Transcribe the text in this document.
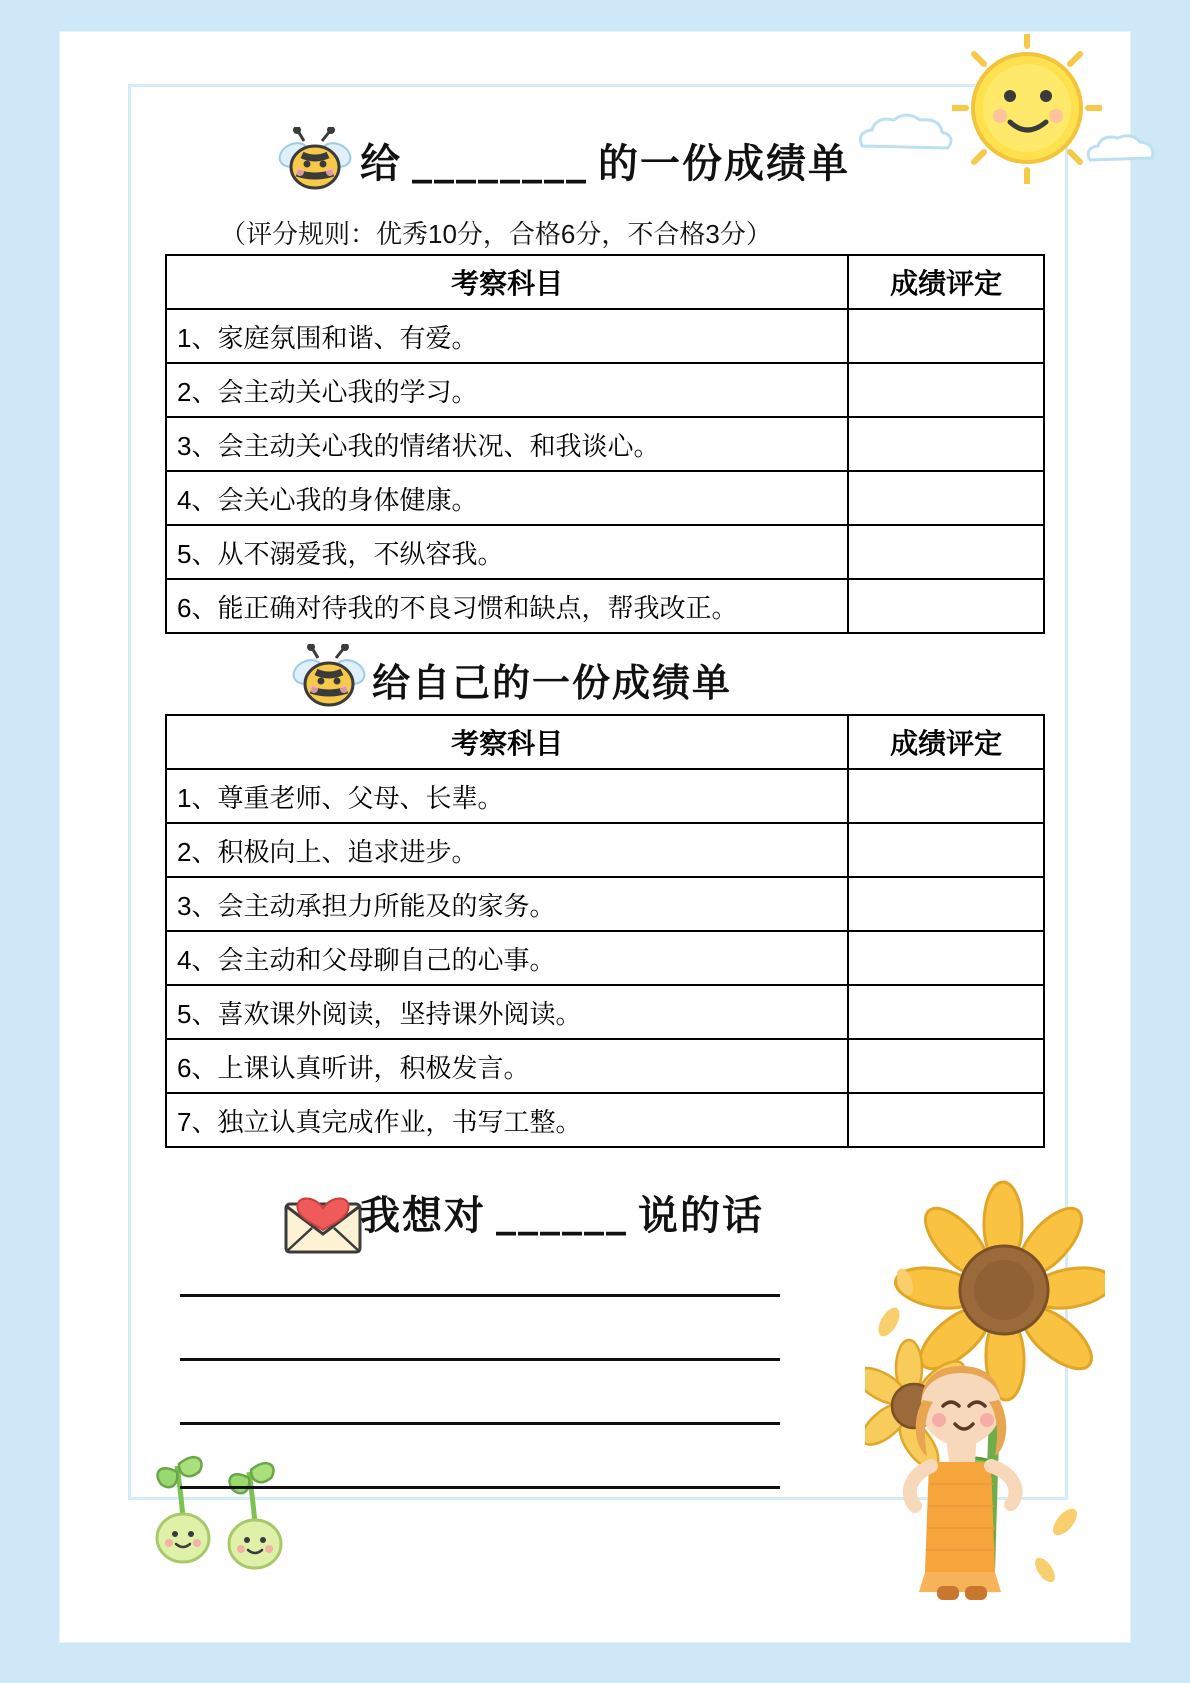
给 ________ 的一份成绩单
（评分规则：优秀10分，合格6分，不合格3分）
考察科目	成绩评定
1、家庭氛围和谐、有爱。	
2、会主动关心我的学习。	
3、会主动关心我的情绪状况、和我谈心。	
4、会关心我的身体健康。	
5、从不溺爱我，不纵容我。	
6、能正确对待我的不良习惯和缺点，帮我改正。	
给自己的一份成绩单
考察科目	成绩评定
1、尊重老师、父母、长辈。	
2、积极向上、追求进步。	
3、会主动承担力所能及的家务。	
4、会主动和父母聊自己的心事。	
5、喜欢课外阅读，坚持课外阅读。	
6、上课认真听讲，积极发言。	
7、独立认真完成作业，书写工整。	
我想对 ______ 说的话
